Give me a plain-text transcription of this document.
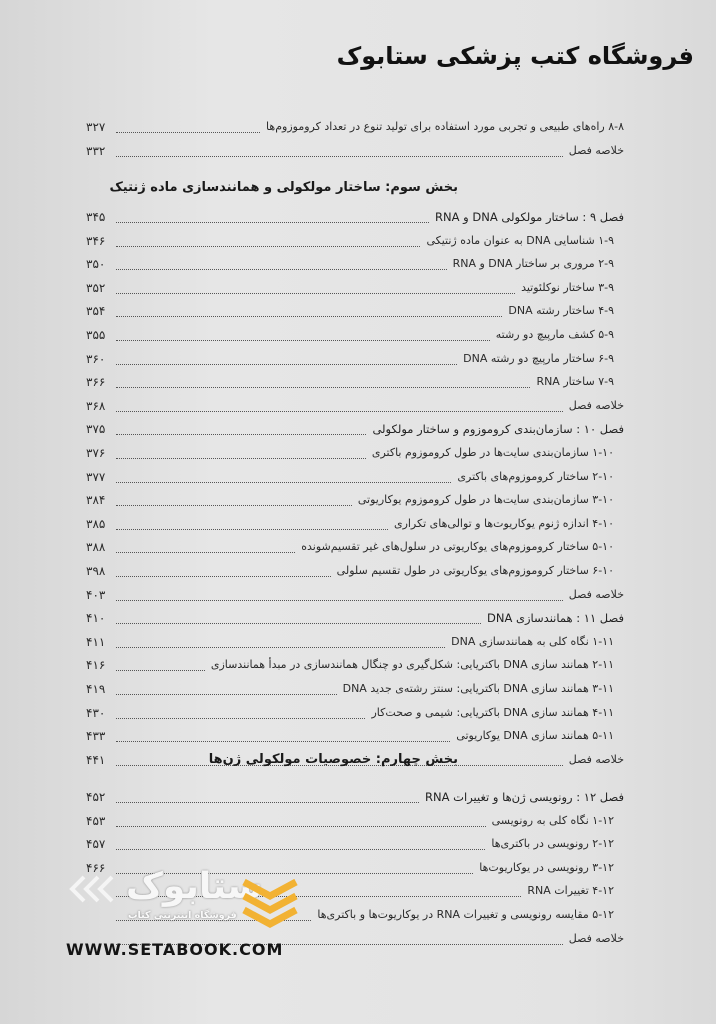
فروشگاه کتب پزشکی ستابوک
۸-۸ راه‌های طبیعی و تجربی مورد استفاده برای تولید تنوع در تعداد کروموزوم‌ها
۳۲۷
خلاصه فصل
۳۳۲
بخش سوم: ساختار مولکولی و همانندسازی ماده ژنتیک
فصل ۹ : ساختار مولکولی DNA و RNA
۳۴۵
۱-۹ شناسایی DNA به عنوان ماده ژنتیکی
۳۴۶
۲-۹ مروری بر ساختار DNA و RNA
۳۵۰
۳-۹ ساختار نوکلئوتید
۳۵۲
۴-۹ ساختار رشته DNA
۳۵۴
۵-۹ کشف مارپیچ دو رشته
۳۵۵
۶-۹ ساختار مارپیچ دو رشته DNA
۳۶۰
۷-۹ ساختار RNA
۳۶۶
خلاصه فصل
۳۶۸
فصل ۱۰ : سازمان‌بندی کروموزوم و ساختار مولکولی
۳۷۵
۱-۱۰ سازمان‌بندی سایت‌ها در طول کروموزوم باکتری
۳۷۶
۲-۱۰ ساختار کروموزوم‌های باکتری
۳۷۷
۳-۱۰ سازمان‌بندی سایت‌ها در طول کروموزوم یوکاریوتی
۳۸۴
۴-۱۰ اندازه ژنوم یوکاریوت‌ها و توالی‌های تکراری
۳۸۵
۵-۱۰ ساختار کروموزوم‌های یوکاریوتی در سلول‌های غیر تقسیم‌شونده
۳۸۸
۶-۱۰ ساختار کروموزوم‌های یوکاریوتی در طول تقسیم سلولی
۳۹۸
خلاصه فصل
۴۰۳
فصل ۱۱ : همانندسازی DNA
۴۱۰
۱-۱۱ نگاه کلی به همانندسازی DNA
۴۱۱
۲-۱۱ همانند سازی DNA باکتریایی: شکل‌گیری دو چنگال همانندسازی در مبدأ همانندسازی
۴۱۶
۳-۱۱ همانند سازی DNA باکتریایی: سنتز رشته‌ی جدید DNA
۴۱۹
۴-۱۱ همانند سازی DNA باکتریایی: شیمی و صحت‌کار
۴۳۰
۵-۱۱ همانند سازی DNA یوکاریوتی
۴۳۳
خلاصه فصل
۴۴۱	بخش چهارم: خصوصیات مولکولی ژن‌ها
فصل ۱۲ : رونویسی ژن‌ها و تغییرات RNA
۴۵۲
۱-۱۲ نگاه کلی به رونویسی
۴۵۳
۲-۱۲ رونویسی در باکتری‌ها
۴۵۷
۳-۱۲ رونویسی در یوکاریوت‌ها
۴۶۶
۴-۱۲ تغییرات RNA
۵-۱۲ مقایسه رونویسی و تغییرات RNA در یوکاریوت‌ها و باکتری‌ها
خلاصه فصل
ستابوک
فروشگاه اینترنتی کتاب
WWW.SETABOOK.COM
